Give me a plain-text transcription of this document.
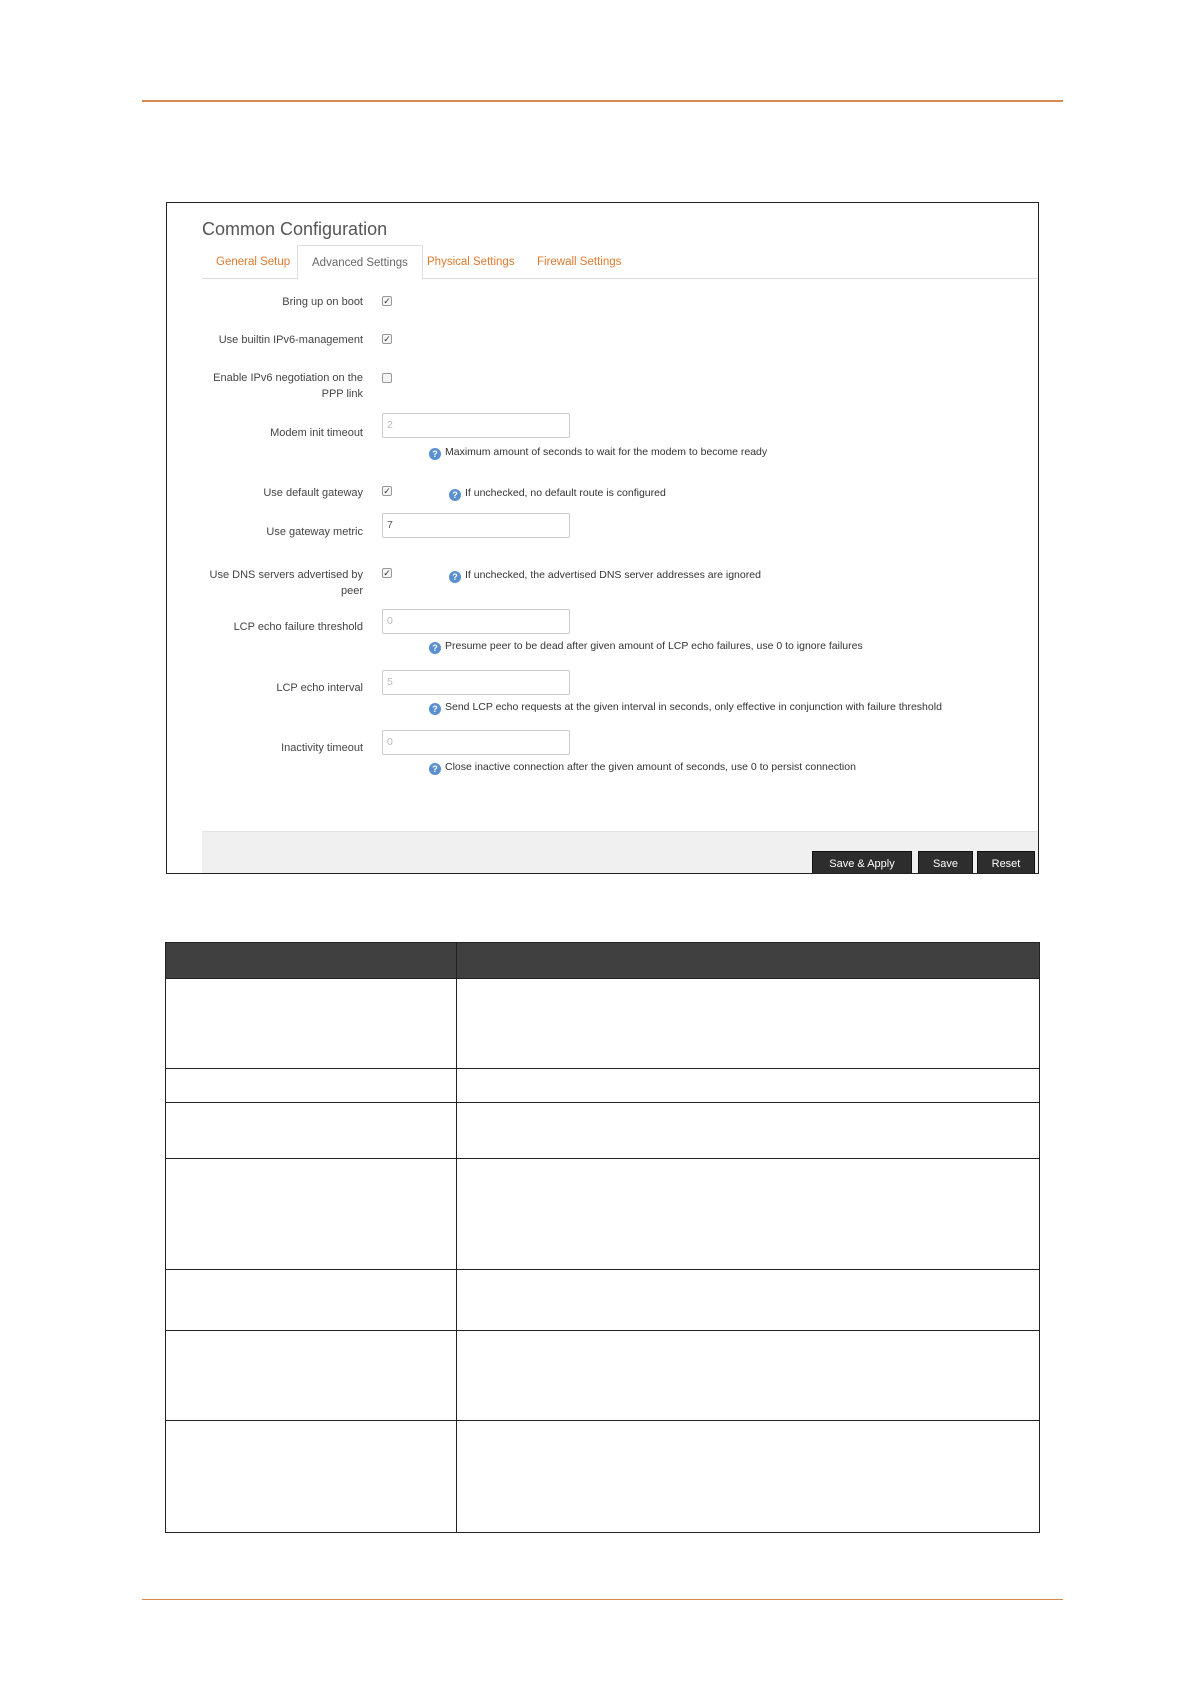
Common Configuration
General Setup	Advanced Settings	Physical Settings	Firewall Settings
Bring up on boot ✓
Use builtin IPv6-management ✓
Enable IPv6 negotiation on the PPP link
Modem init timeout
2
? Maximum amount of seconds to wait for the modem to become ready
Use default gateway ✓	? If unchecked, no default route is configured
Use gateway metric
7
Use DNS servers advertised by peer
✓	? If unchecked, the advertised DNS server addresses are ignored
LCP echo failure threshold	0
? Presume peer to be dead after given amount of LCP echo failures, use 0 to ignore failures
LCP echo interval	5
? Send LCP echo requests at the given interval in seconds, only effective in conjunction with failure threshold
Inactivity timeout	0
? Close inactive connection after the given amount of seconds, use 0 to persist connection
Save & Apply	Save	Reset
